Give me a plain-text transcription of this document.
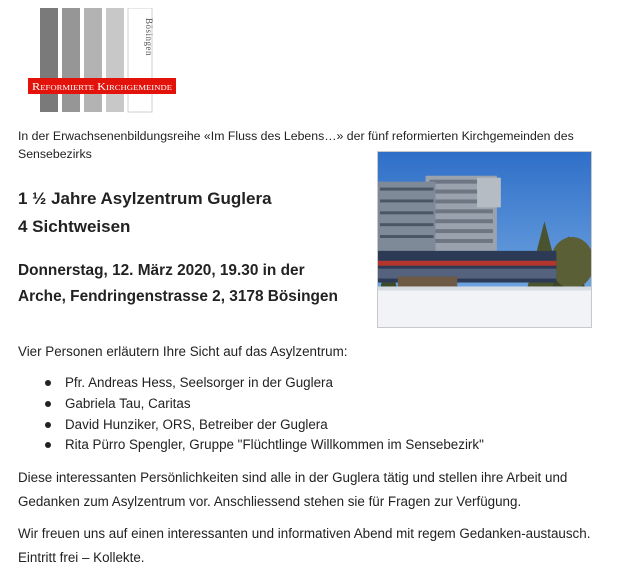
Bösingen
Reformierte Kirchgemeinde
In der Erwachsenenbildungsreihe «Im Fluss des Lebens…» der fünf reformierten Kirchgemeinden des Sensebezirks
1 ½ Jahre Asylzentrum Guglera
4 Sichtweisen
Donnerstag, 12. März 2020, 19.30 in der
Arche, Fendringenstrasse 2, 3178 Bösingen
Vier Personen erläutern Ihre Sicht auf das Asylzentrum:
Pfr. Andreas Hess, Seelsorger in der Guglera
Gabriela Tau, Caritas
David Hunziker, ORS, Betreiber der Guglera
Rita Pürro Spengler, Gruppe "Flüchtlinge Willkommen im Sensebezirk"
Diese interessanten Persönlichkeiten sind alle in der Guglera tätig und stellen ihre Arbeit und Gedanken zum Asylzentrum vor. Anschliessend stehen sie für Fragen zur Verfügung.
Wir freuen uns auf einen interessanten und informativen Abend mit regem Gedanken-austausch. Eintritt frei – Kollekte.
